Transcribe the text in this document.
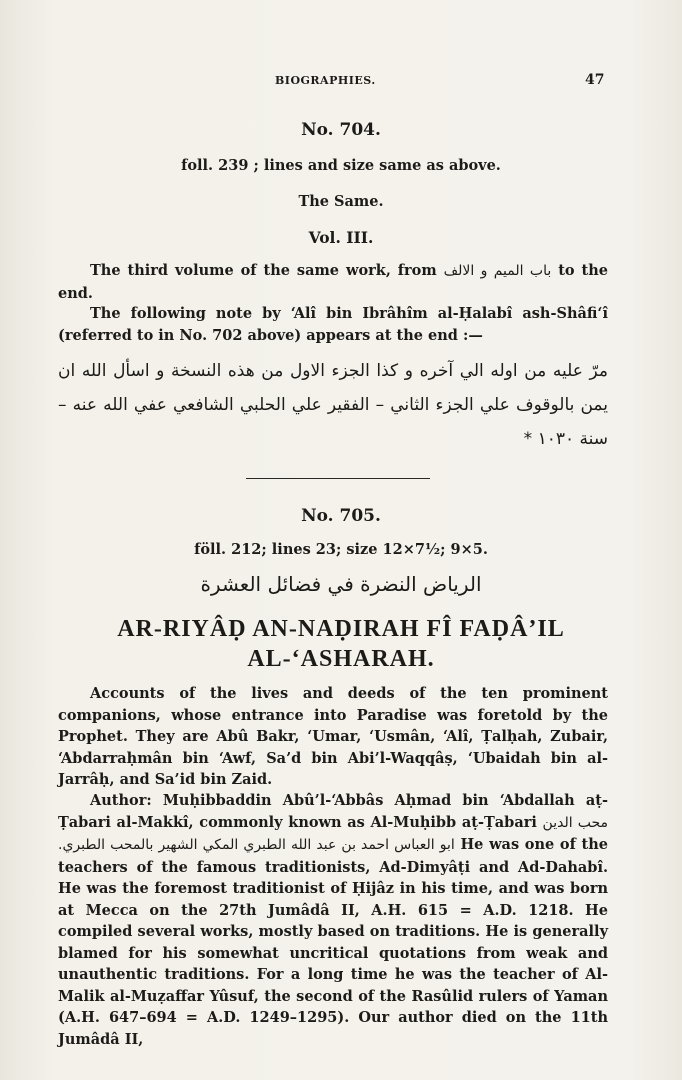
BIOGRAPHIES.	47
No. 704.
foll. 239 ; lines and size same as above.
The Same.
Vol. III.
The third volume of the same work, from باب الميم و الالف to the end.
The following note by ‘Alî bin Ibrâhîm al-Ḥalabî ash-Shâfi‘î (referred to in No. 702 above) appears at the end :—
مرّ عليه من اوله الي آخره و كذا الجزء الاول من هذه النسخة و اسأل الله ان يمن بالوقوف علي الجزء الثاني – الفقير علي الحلبي الشافعي عفي الله عنه – سنة ١٠٣٠ *
No. 705.
föll. 212; lines 23; size 12×7½; 9×5.
الرياض النضرة في فضائل العشرة
AR-RIYÂḌ AN-NAḌIRAH FÎ FAḌÂ’IL
AL-‘ASHARAH.
Accounts of the lives and deeds of the ten prominent companions, whose entrance into Paradise was foretold by the Prophet. They are Abû Bakr, ‘Umar, ‘Usmân, ‘Alî, Ṭalḥah, Zubair, ‘Abdarraḥmân bin ‘Awf, Sa’d bin Abi’l-Waqqâṣ, ‘Ubaidah bin al-Jarrâḥ, and Sa’id bin Zaid.
Author: Muḥibbaddin Abû’l-‘Abbâs Aḥmad bin ‘Abdallah aṭ-Ṭabari al-Makkî, commonly known as Al-Muḥibb aṭ-Ṭabari محب الدين ابو العباس احمد بن عبد الله الطبري المكي الشهير بالمحب الطبري. He was one of the teachers of the famous traditionists, Ad-Dimyâṭi and Ad-Dahabî. He was the foremost traditionist of Ḥijâz in his time, and was born at Mecca on the 27th Jumâdâ II, A.H. 615 = A.D. 1218. He compiled several works, mostly based on traditions. He is generally blamed for his somewhat uncritical quotations from weak and unauthentic traditions. For a long time he was the teacher of Al-Malik al-Muẓaffar Yûsuf, the second of the Rasûlid rulers of Yaman (A.H. 647–694 = A.D. 1249–1295). Our author died on the 11th Jumâdâ II,
